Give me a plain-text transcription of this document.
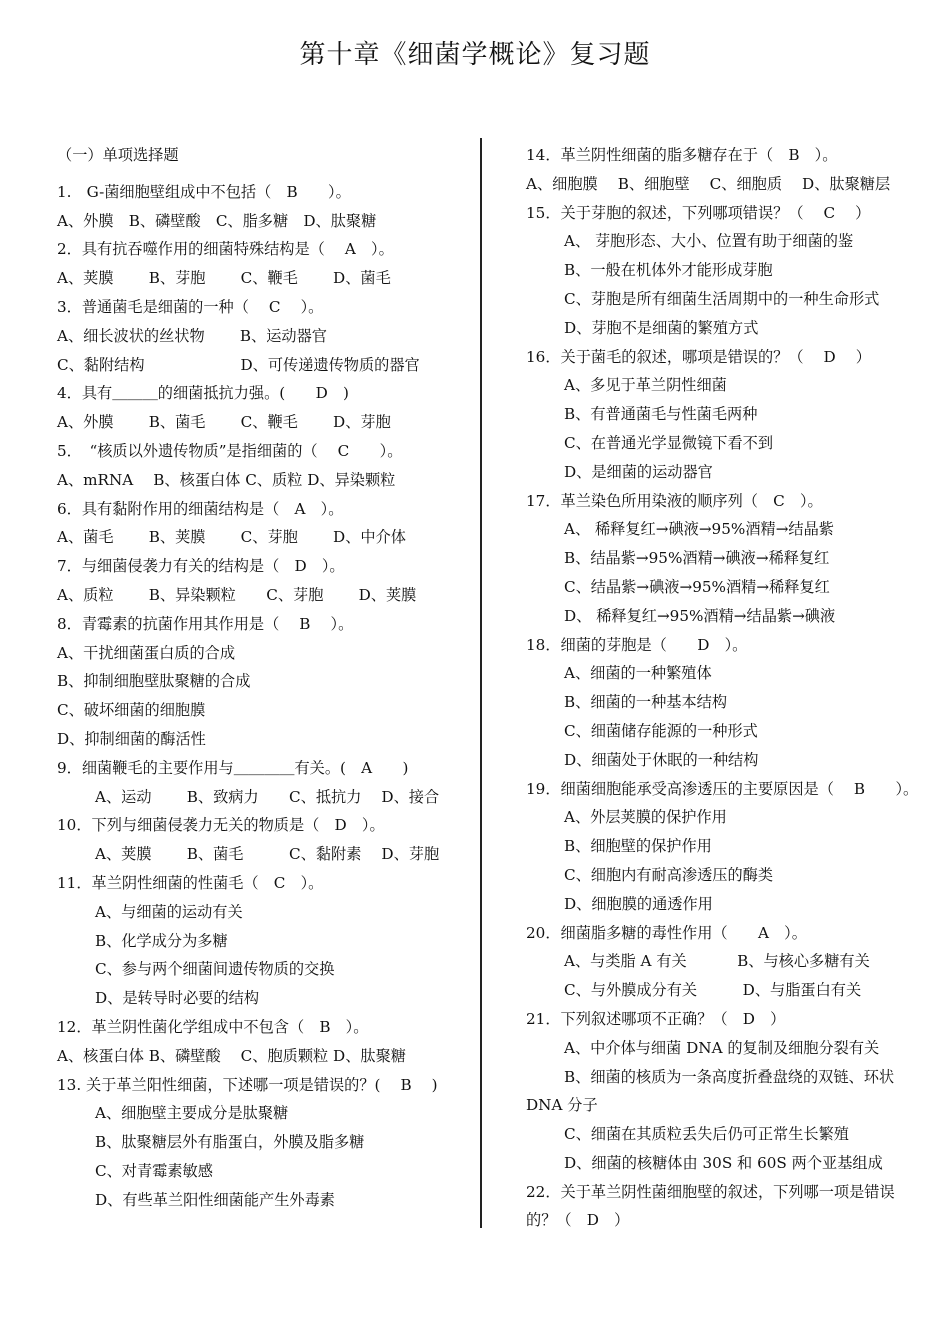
第十章《细菌学概论》复习题
（一）单项选择题
1.　G-菌细胞壁组成中不包括（　B　　）。
A、外膜　B、磷壁酸　C、脂多糖　D、肽聚糖
2．具有抗吞噬作用的细菌特殊结构是（　 A　）。
A、荚膜　　 B、芽胞　　 C、鞭毛　　 D、菌毛
3．普通菌毛是细菌的一种（　 C　 ）。
A、细长波状的丝状物　　 B、运动器官
C、黏附结构　　　　　　 D、可传递遗传物质的器官
4．具有＿＿＿的细菌抵抗力强。(　　D　)
A、外膜　　 B、菌毛　　 C、鞭毛　　 D、芽胞
5．　“核质以外遗传物质”是指细菌的（　 C　　）。
A、mRNA　 B、核蛋白体 C、质粒 D、异染颗粒
6．具有黏附作用的细菌结构是（　A　）。
A、菌毛　　 B、荚膜　　 C、芽胞　　 D、中介体
7．与细菌侵袭力有关的结构是（　D　）。
A、质粒　　 B、异染颗粒　　C、芽胞　　 D、荚膜
8．青霉素的抗菌作用其作用是（　 B　 ）。
A、干扰细菌蛋白质的合成
B、抑制细胞壁肽聚糖的合成
C、破坏细菌的细胞膜
D、抑制细菌的酶活性
9．细菌鞭毛的主要作用与＿＿＿＿有关。(　A　　)
A、运动　　 B、致病力　　C、抵抗力　 D、接合
10．下列与细菌侵袭力无关的物质是（　D　）。
A、荚膜　　 B、菌毛　　　C、黏附素　 D、芽胞
11．革兰阴性细菌的性菌毛（　C　）。
A、与细菌的运动有关
B、化学成分为多糖
C、参与两个细菌间遗传物质的交换
D、是转导时必要的结构
12．革兰阴性菌化学组成中不包含（　B　）。
A、核蛋白体 B、磷壁酸　 C、胞质颗粒 D、肽聚糖
13. 关于革兰阳性细菌，下述哪一项是错误的？(　 B　 )
A、细胞壁主要成分是肽聚糖
B、肽聚糖层外有脂蛋白，外膜及脂多糖
C、对青霉素敏感
D、有些革兰阳性细菌能产生外毒素
14．革兰阴性细菌的脂多糖存在于（　B　）。
A、细胞膜　 B、细胞壁　 C、细胞质　 D、肽聚糖层
15．关于芽胞的叙述，下列哪项错误？（　 C　 ）
A、 芽胞形态、大小、位置有助于细菌的鉴
B、一般在机体外才能形成芽胞
C、芽胞是所有细菌生活周期中的一种生命形式
D、芽胞不是细菌的繁殖方式
16．关于菌毛的叙述，哪项是错误的？（　 D　 ）
A、多见于革兰阴性细菌
B、有普通菌毛与性菌毛两种
C、在普通光学显微镜下看不到
D、是细菌的运动器官
17．革兰染色所用染液的顺序列（　C　）。
A、 稀释复红→碘液→95%酒精→结晶紫
B、结晶紫→95%酒精→碘液→稀释复红
C、结晶紫→碘液→95%酒精→稀释复红
D、 稀释复红→95%酒精→结晶紫→碘液
18．细菌的芽胞是（　　D　）。
A、细菌的一种繁殖体
B、细菌的一种基本结构
C、细菌储存能源的一种形式
D、细菌处于休眠的一种结构
19．细菌细胞能承受高渗透压的主要原因是（　 B　　）。
A、外层荚膜的保护作用
B、细胞壁的保护作用
C、细胞内有耐高渗透压的酶类
D、细胞膜的通透作用
20．细菌脂多糖的毒性作用（　　A　）。
A、与类脂 A 有关　　　 B、与核心多糖有关
C、与外膜成分有关　　　D、与脂蛋白有关
21．下列叙述哪项不正确？（　D　）
A、中介体与细菌 DNA 的复制及细胞分裂有关
B、细菌的核质为一条高度折叠盘绕的双链、环状
DNA 分子
C、细菌在其质粒丢失后仍可正常生长繁殖
D、细菌的核糖体由 30S 和 60S 两个亚基组成
22．关于革兰阴性菌细胞壁的叙述，下列哪一项是错误
的？（　D　）
